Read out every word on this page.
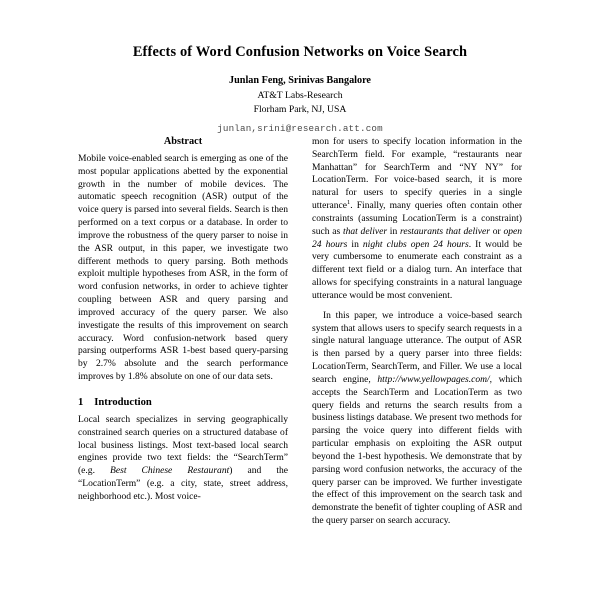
Effects of Word Confusion Networks on Voice Search
Junlan Feng, Srinivas Bangalore
AT&T Labs-Research
Florham Park, NJ, USA
junlan,srini@research.att.com
Abstract

Mobile voice-enabled search is emerging as one of the most popular applications abetted by the exponential growth in the number of mobile devices. The automatic speech recognition (ASR) output of the voice query is parsed into several fields. Search is then performed on a text corpus or a database. In order to improve the robustness of the query parser to noise in the ASR output, in this paper, we investigate two different methods to query parsing. Both methods exploit multiple hypotheses from ASR, in the form of word confusion networks, in order to achieve tighter coupling between ASR and query parsing and improved accuracy of the query parser. We also investigate the results of this improvement on search accuracy. Word confusion-network based query parsing outperforms ASR 1-best based query-parsing by 2.7% absolute and the search performance improves by 1.8% absolute on one of our data sets.

1 Introduction

Local search specializes in serving geographically constrained search queries on a structured database of local business listings. Most text-based local search engines provide two text fields: the “SearchTerm” (e.g. Best Chinese Restaurant) and the “LocationTerm” (e.g. a city, state, street address, neighborhood etc.). Most voice-

mon for users to specify location information in the SearchTerm field. For example, “restaurants near Manhattan” for SearchTerm and “NY NY” for LocationTerm. For voice-based search, it is more natural for users to specify queries in a single utterance$^1$. Finally, many queries often contain other constraints (assuming LocationTerm is a constraint) such as that deliver in restaurants that deliver or open 24 hours in night clubs open 24 hours. It would be very cumbersome to enumerate each constraint as a different text field or a dialog turn. An interface that allows for specifying constraints in a natural language utterance would be most convenient.

In this paper, we introduce a voice-based search system that allows users to specify search requests in a single natural language utterance. The output of ASR is then parsed by a query parser into three fields: LocationTerm, SearchTerm, and Filler. We use a local search engine, http://www.yellowpages.com/, which accepts the SearchTerm and LocationTerm as two query fields and returns the search results from a business listings database. We present two methods for parsing the voice query into different fields with particular emphasis on exploiting the ASR output beyond the 1-best hypothesis. We demonstrate that by parsing word confusion networks, the accuracy of the query parser can be improved. We further investigate the effect of this improvement on the search task and demonstrate the benefit of tighter coupling of ASR and the query parser on search accuracy.
